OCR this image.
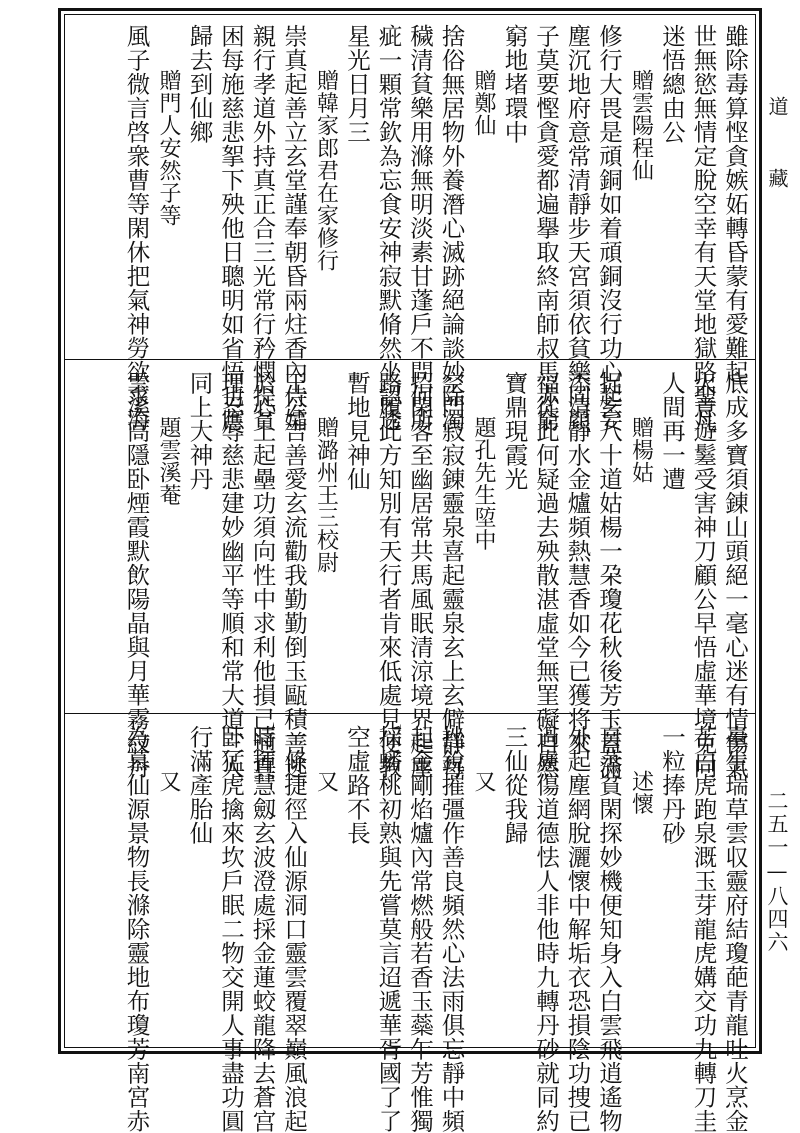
雖除毒算悭貪嫉妬轉昏蒙有愛難起
世無慾無情定脫空幸有天堂地獄路聖凡
迷悟總由公
贈雲陽程仙
修行大畏是頑銅如着頑銅沒行功心起妄
塵沉地府意常清靜步天宮須依貧樂同顏
子莫要慳貪愛都遍擧取終南師叔馬赤窮
窮地堵環中
贈鄭仙
捨俗無居物外養潛心滅跡絕論談妙除濁
穢清貧樂用滌無明淡素甘蓬戶不問何所
疵一顆常欽為忘食安神寂默脩然坐認透
星光日月三
贈韓家郎君在家修行
崇真起善立玄堂謹奉朝昏兩炷香內侍孀
親行孝道外持真正合三光常行矜憫提貧
困每施慈悲挐下殃他日聰明如省悟也應
歸去到仙鄉
贈門人安然子等
風子微言啓衆曹等閑休把氣神勞欲求海
底成多寶須錬山頭絕一毫心迷有情傷氣
火意遊䰈受害神刀顧公早悟虛華境免向
人間再一遭
贈楊姑
捉玄八十道姑楊一朶瓊花秋後芳玉蓋滿
添清靜水金爐頻熱慧香如今已獲将來
福從此何疑過去殃散湛虛堂無罣礙自然
寶鼎現霞光
題孔先生埅中
空門寂寂錬靈泉喜起靈泉玄上玄僻靜每
招閑客至幽居常共馬風眠清涼境界起塵
路履此方知別有天行者肯來低處見便教
暫地見神仙
贈潞州王三校尉
王公吉善愛玄流勸我勤勤倒玉甌積善逃
於心上起壘功須向性中求利他損己通真
理忍辱慈悲建妙幽平等順和常大道三人
同上大神丹
題雲溪菴
雲溪高隱卧煙霞默飲陽晶與月華霧紋丹
臺生瑞草雲収靈府結瓊葩青龍吐火烹金
苦白虎跑泉溉玉芽龍虎媾交功九轉刀圭
一粒捧丹砂
述懷
自蒸貧閑探妙機便知身入白雲飛逍遙物
外起塵網脫灑懷中解垢衣恐損陰功捜已
過慮傷道德怯人非他時九轉丹砂就同約
三仙從我歸
又
挫銳摧彊作善良頻然心法雨俱忘靜中頻
起金剛焰爐內常燃般若香玉蘂乍芳惟獨
採蟠桃初熟與先嘗莫言迢遞華胥國了了
空虛路不長
又
一條捷徑入仙源洞口靈雲覆翠巔風浪起
時揮慧劔玄波澄處採金蓮蛟龍降去蒼宫
卧猛虎擒來坎戶眠二物交開人事盡功圓
行滿產胎仙
又
為慕仙源景物長滌除靈地布瓊芳南宮赤
道
藏
二五一—八四六
